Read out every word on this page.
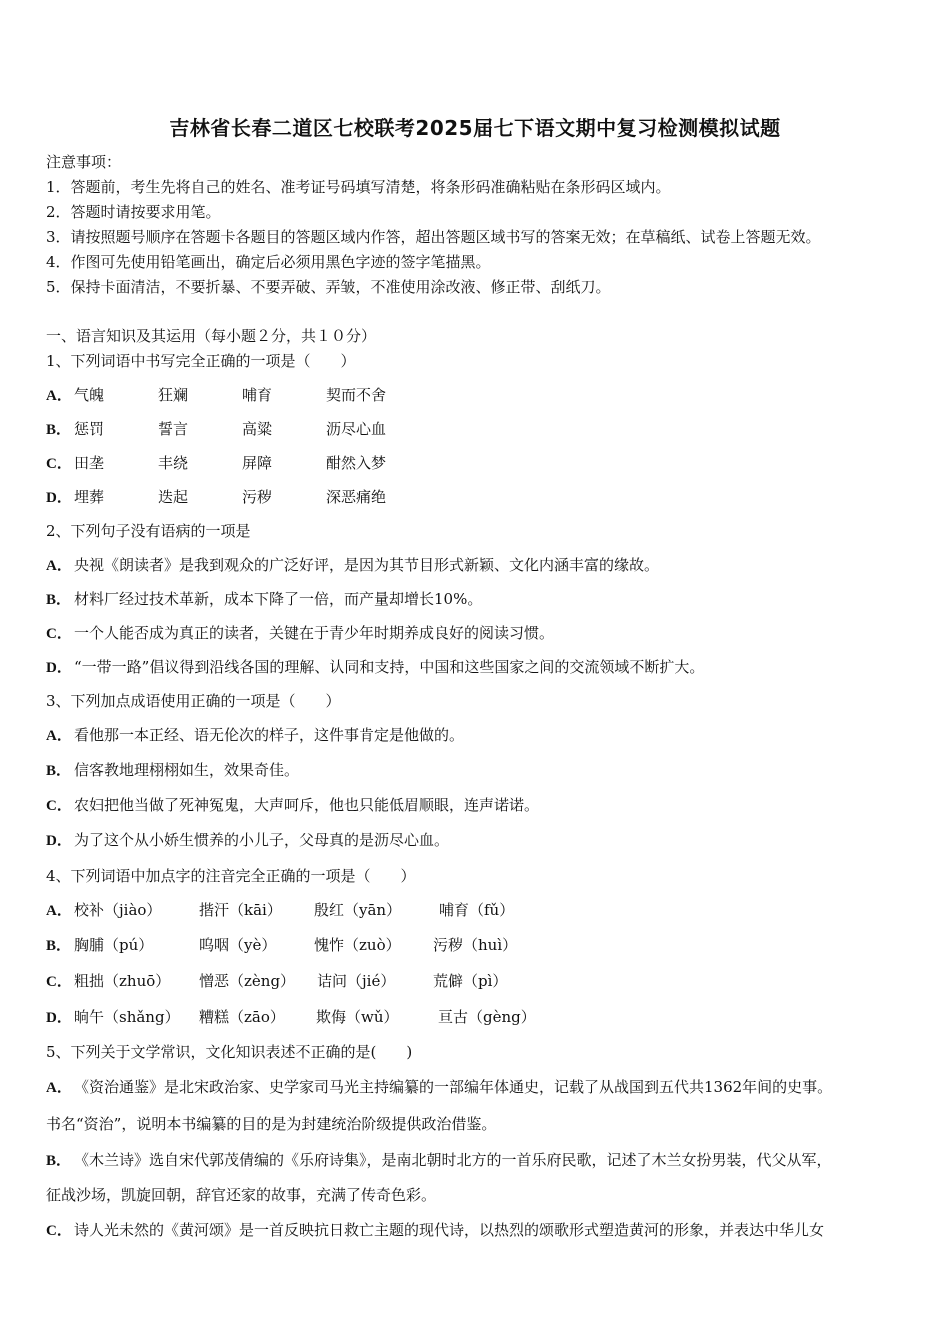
吉林省长春二道区七校联考2025届七下语文期中复习检测模拟试题
注意事项：
1．答题前，考生先将自己的姓名、准考证号码填写清楚，将条形码准确粘贴在条形码区域内。
2．答题时请按要求用笔。
3．请按照题号顺序在答题卡各题目的答题区域内作答，超出答题区域书写的答案无效；在草稿纸、试卷上答题无效。
4．作图可先使用铅笔画出，确定后必须用黑色字迹的签字笔描黑。
5．保持卡面清洁，不要折暴、不要弄破、弄皱，不准使用涂改液、修正带、刮纸刀。
一、语言知识及其运用（每小题２分，共１０分）
1、下列词语中书写完全正确的一项是（　　）
A． 气魄	狂斓	哺育	契而不舍
B． 惩罚	誓言	高粱	沥尽心血
C． 田垄	丰绕	屏障	酣然入梦
D． 埋葬	迭起	污秽	深恶痛绝
2、下列句子没有语病的一项是
A． 央视《朗读者》是我到观众的广泛好评，是因为其节目形式新颖、文化内涵丰富的缘故。
B． 材料厂经过技术革新，成本下降了一倍，而产量却增长10%。
C． 一个人能否成为真正的读者，关键在于青少年时期养成良好的阅读习惯。
D． “一带一路”倡议得到沿线各国的理解、认同和支持，中国和这些国家之间的交流领域不断扩大。
3、下列加点成语使用正确的一项是（　　）
A． 看他那一本正经、语无伦次的样子，这件事肯定是他做的。
B． 信客教地理栩栩如生，效果奇佳。
C． 农妇把他当做了死神冤鬼，大声呵斥，他也只能低眉顺眼，连声诺诺。
D． 为了这个从小娇生惯养的小儿子，父母真的是沥尽心血。
4、下列词语中加点字的注音完全正确的一项是（　　）
A． 校补（jiào）	揩汗（kāi） 殷红（yān）	哺育（fǔ）
B． 胸脯（pú）	呜咽（yè）	愧怍（zuò） 污秽（huì）
C． 粗拙（zhuō） 憎恶（zèng） 诘问（jié）	荒僻（pì）
D． 晌午（shǎng） 糟糕（zāo） 欺侮（wǔ）	亘古（gèng）
5、下列关于文学常识，文化知识表述不正确的是(　　)
A． 《资治通鉴》是北宋政治家、史学家司马光主持编纂的一部编年体通史，记载了从战国到五代共1362年间的史事。
书名“资治”，说明本书编纂的目的是为封建统治阶级提供政治借鉴。
B． 《木兰诗》选自宋代郭茂倩编的《乐府诗集》，是南北朝时北方的一首乐府民歌，记述了木兰女扮男装，代父从军，
征战沙场，凯旋回朝，辞官还家的故事，充满了传奇色彩。
C． 诗人光未然的《黄河颂》是一首反映抗日救亡主题的现代诗，以热烈的颂歌形式塑造黄河的形象，并表达中华儿女
